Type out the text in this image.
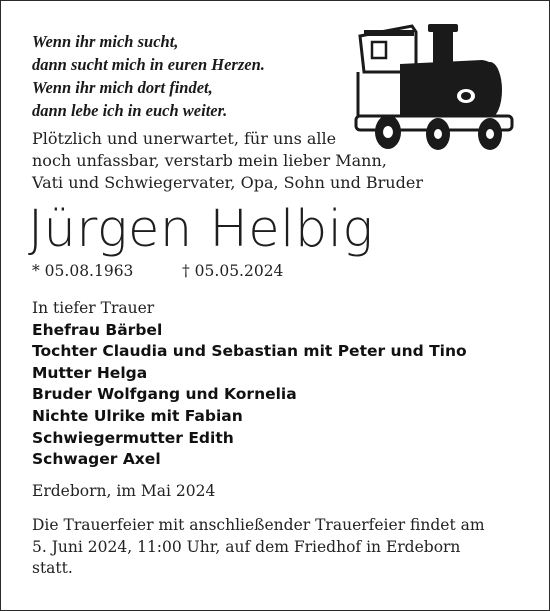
Wenn ihr mich sucht,
dann sucht mich in euren Herzen.
Wenn ihr mich dort findet,
dann lebe ich in euch weiter.
Plötzlich und unerwartet, für uns alle
noch unfassbar, verstarb mein lieber Mann,
Vati und Schwiegervater, Opa, Sohn und Bruder
Jürgen Helbig
* 05.08.1963	† 05.05.2024
In tiefer Trauer
Ehefrau Bärbel
Tochter Claudia und Sebastian mit Peter und Tino
Mutter Helga
Bruder Wolfgang und Kornelia
Nichte Ulrike mit Fabian
Schwiegermutter Edith
Schwager Axel
Erdeborn, im Mai 2024
Die Trauerfeier mit anschließender Trauerfeier findet am
5. Juni 2024, 11:00 Uhr, auf dem Friedhof in Erdeborn
statt.
